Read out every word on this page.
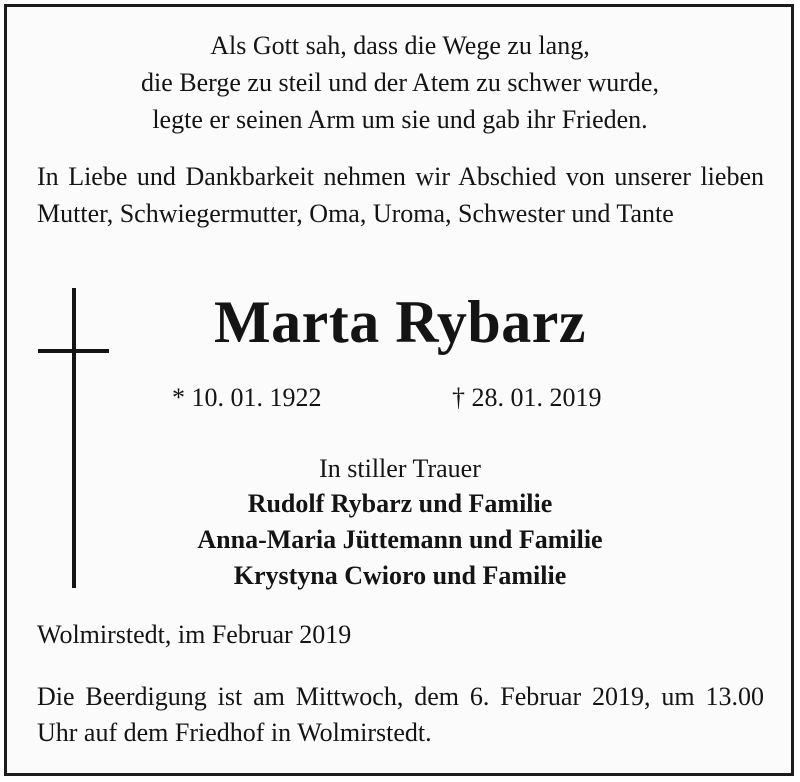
Als Gott sah, dass die Wege zu lang,
die Berge zu steil und der Atem zu schwer wurde,
legte er seinen Arm um sie und gab ihr Frieden.

In Liebe und Dankbarkeit nehmen wir Abschied von unserer lieben Mutter, Schwiegermutter, Oma, Uroma, Schwester und Tante

Marta Rybarz
* 10. 01. 1922	† 28. 01. 2019
In stiller Trauer
Rudolf Rybarz und Familie
Anna-Maria Jüttemann und Familie
Krystyna Cwioro und Familie
Wolmirstedt, im Februar 2019

Die Beerdigung ist am Mittwoch, dem 6. Februar 2019, um 13.00 Uhr auf dem Friedhof in Wolmirstedt.
